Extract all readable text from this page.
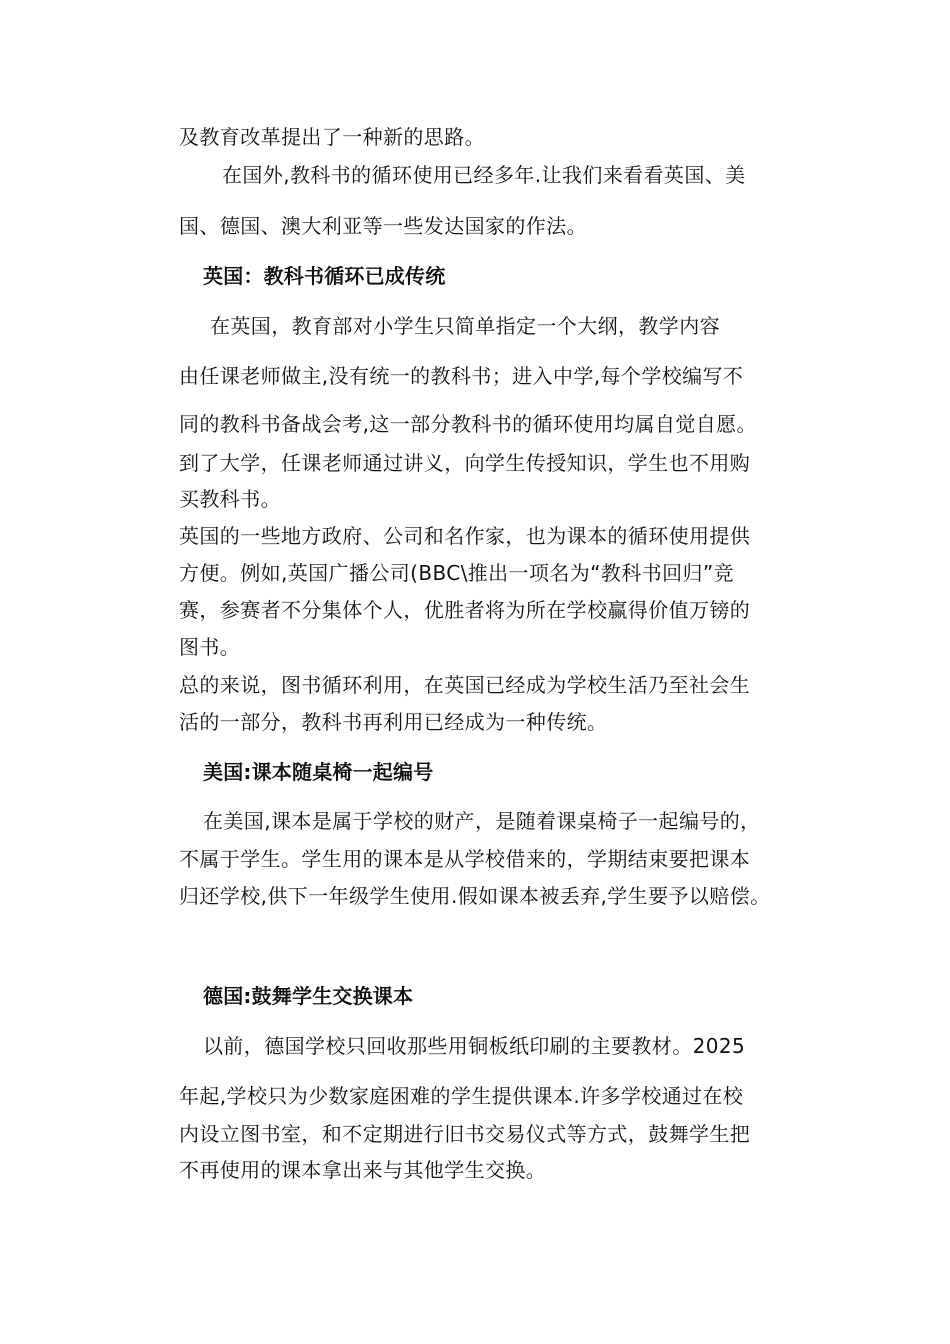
及教育改革提出了一种新的思路。
在国外,教科书的循环使用已经多年.让我们来看看英国、美
国、德国、澳大利亚等一些发达国家的作法。
英国：教科书循环已成传统
在英国，教育部对小学生只简单指定一个大纲，教学内容
由任课老师做主,没有统一的教科书；进入中学,每个学校编写不
同的教科书备战会考,这一部分教科书的循环使用均属自觉自愿。
到了大学，任课老师通过讲义，向学生传授知识，学生也不用购
买教科书。
英国的一些地方政府、公司和名作家，也为课本的循环使用提供
方便。例如,英国广播公司(BBC\推出一项名为“教科书回归”竞
赛，参赛者不分集体个人，优胜者将为所在学校赢得价值万镑的
图书。
总的来说，图书循环利用，在英国已经成为学校生活乃至社会生
活的一部分，教科书再利用已经成为一种传统。
美国:课本随桌椅一起编号
在美国,课本是属于学校的财产，是随着课桌椅子一起编号的，
不属于学生。学生用的课本是从学校借来的，学期结束要把课本
归还学校,供下一年级学生使用.假如课本被丢弃,学生要予以赔偿。
德国:鼓舞学生交换课本
以前，德国学校只回收那些用铜板纸印刷的主要教材。2025
年起,学校只为少数家庭困难的学生提供课本.许多学校通过在校
内设立图书室，和不定期进行旧书交易仪式等方式，鼓舞学生把
不再使用的课本拿出来与其他学生交换。
